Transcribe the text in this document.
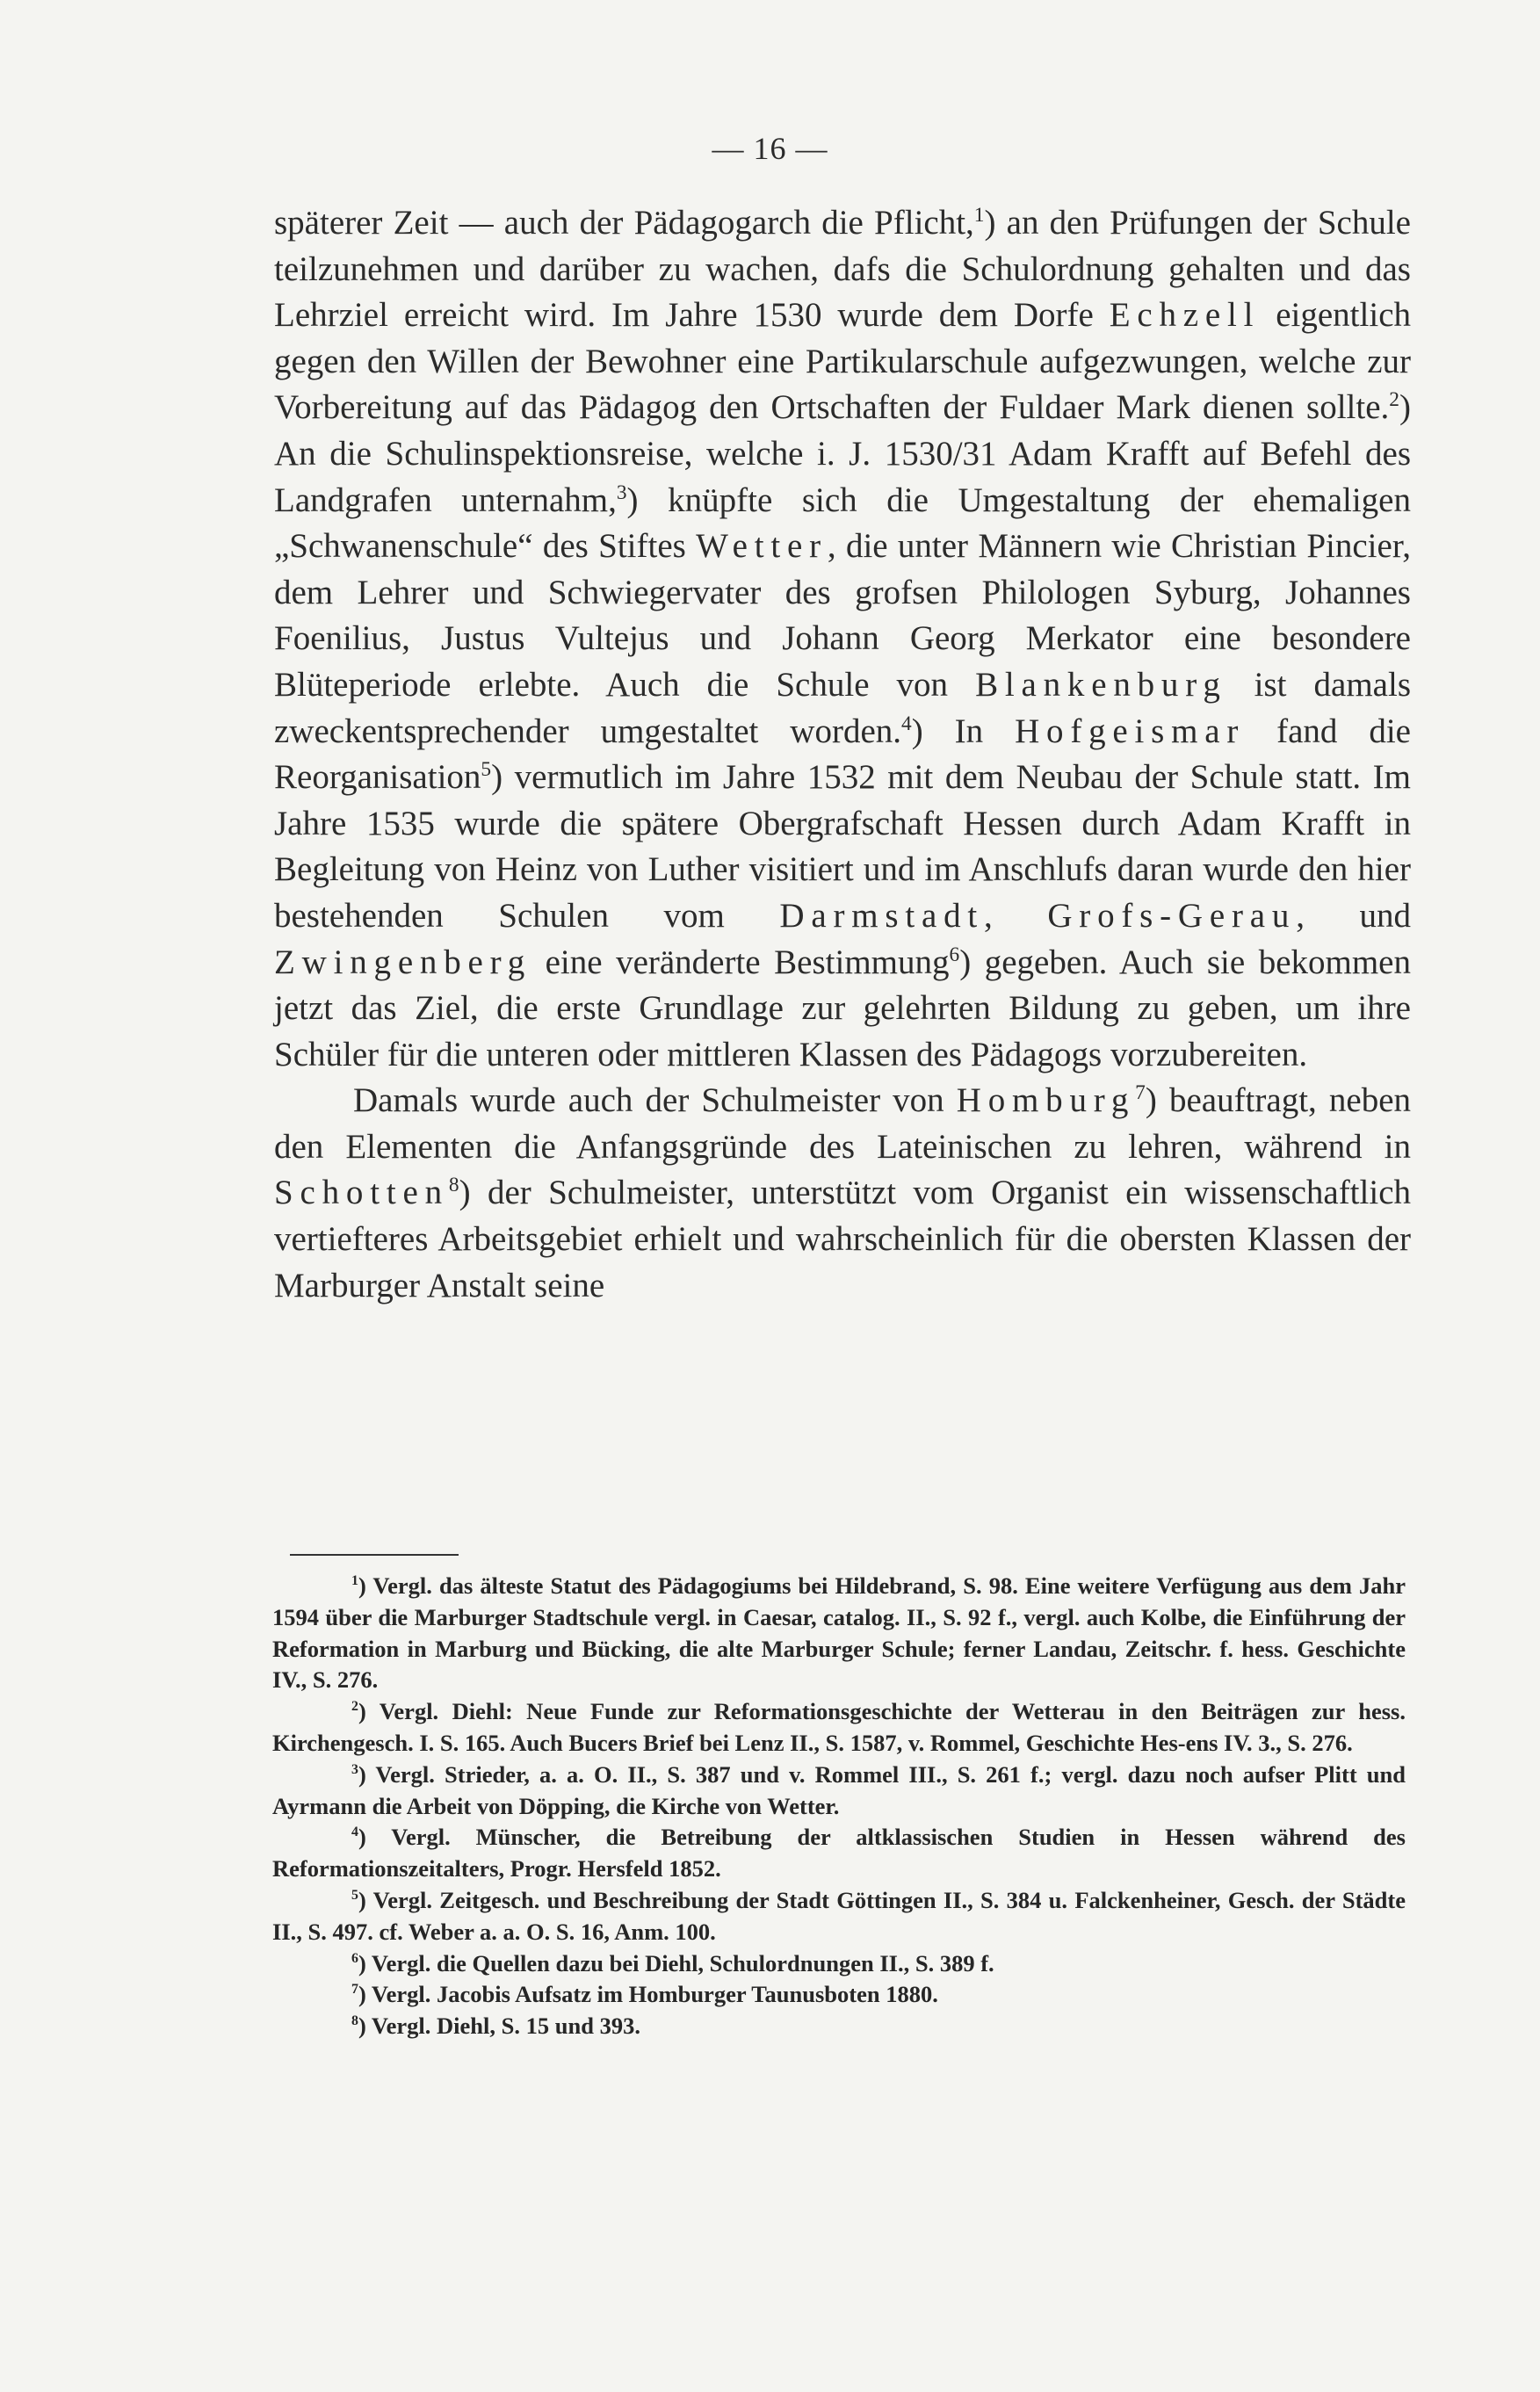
— 16 —

späterer Zeit — auch der Pädagogarch die Pflicht,$^1$) an den Prüfungen der Schule teilzunehmen und darüber zu wachen, dafs die Schulordnung gehalten und das Lehrziel erreicht wird. Im Jahre 1530 wurde dem Dorfe Echzell eigentlich gegen den Willen der Bewohner eine Partikularschule aufgezwungen, welche zur Vorbereitung auf das Pädagog den Ortschaften der Fuldaer Mark dienen sollte.$^2$) An die Schulinspektionsreise, welche i. J. 1530/31 Adam Krafft auf Befehl des Landgrafen unternahm,$^3$) knüpfte sich die Umgestaltung der ehemaligen „Schwanenschule“ des Stiftes Wetter, die unter Männern wie Christian Pincier, dem Lehrer und Schwiegervater des grofsen Philologen Syburg, Johannes Foenilius, Justus Vultejus und Johann Georg Merkator eine besondere Blüteperiode erlebte. Auch die Schule von Blankenburg ist damals zweckentsprechender umgestaltet worden.$^4$) In Hofgeismar fand die Reorganisation$^5$) vermutlich im Jahre 1532 mit dem Neubau der Schule statt. Im Jahre 1535 wurde die spätere Obergrafschaft Hessen durch Adam Krafft in Begleitung von Heinz von Luther visitiert und im Anschlufs daran wurde den hier bestehenden Schulen vom Darmstadt, Grofs-Gerau, und Zwingenberg eine veränderte Bestimmung$^6$) gegeben. Auch sie bekommen jetzt das Ziel, die erste Grundlage zur gelehrten Bildung zu geben, um ihre Schüler für die unteren oder mittleren Klassen des Pädagogs vorzubereiten.

Damals wurde auch der Schulmeister von Homburg$^7$) beauftragt, neben den Elementen die Anfangsgründe des Lateinischen zu lehren, während in Schotten$^8$) der Schulmeister, unterstützt vom Organist ein wissenschaftlich vertiefteres Arbeitsgebiet erhielt und wahrscheinlich für die obersten Klassen der Marburger Anstalt seine

$^1$) Vergl. das älteste Statut des Pädagogiums bei Hildebrand, S. 98. Eine weitere Verfügung aus dem Jahr 1594 über die Marburger Stadtschule vergl. in Caesar, catalog. II., S. 92 f., vergl. auch Kolbe, die Einführung der Reformation in Marburg und Bücking, die alte Marburger Schule; ferner Landau, Zeitschr. f. hess. Geschichte IV., S. 276.

$^2$) Vergl. Diehl: Neue Funde zur Reformationsgeschichte der Wetterau in den Beiträgen zur hess. Kirchengesch. I. S. 165. Auch Bucers Brief bei Lenz II., S. 1587, v. Rommel, Geschichte Hes-ens IV. 3., S. 276.

$^3$) Vergl. Strieder, a. a. O. II., S. 387 und v. Rommel III., S. 261 f.; vergl. dazu noch aufser Plitt und Ayrmann die Arbeit von Döpping, die Kirche von Wetter.

$^4$) Vergl. Münscher, die Betreibung der altklassischen Studien in Hessen während des Reformationszeitalters, Progr. Hersfeld 1852.

$^5$) Vergl. Zeitgesch. und Beschreibung der Stadt Göttingen II., S. 384 u. Falckenheiner, Gesch. der Städte II., S. 497. cf. Weber a. a. O. S. 16, Anm. 100.

$^6$) Vergl. die Quellen dazu bei Diehl, Schulordnungen II., S. 389 f.

$^7$) Vergl. Jacobis Aufsatz im Homburger Taunusboten 1880.

$^8$) Vergl. Diehl, S. 15 und 393.
